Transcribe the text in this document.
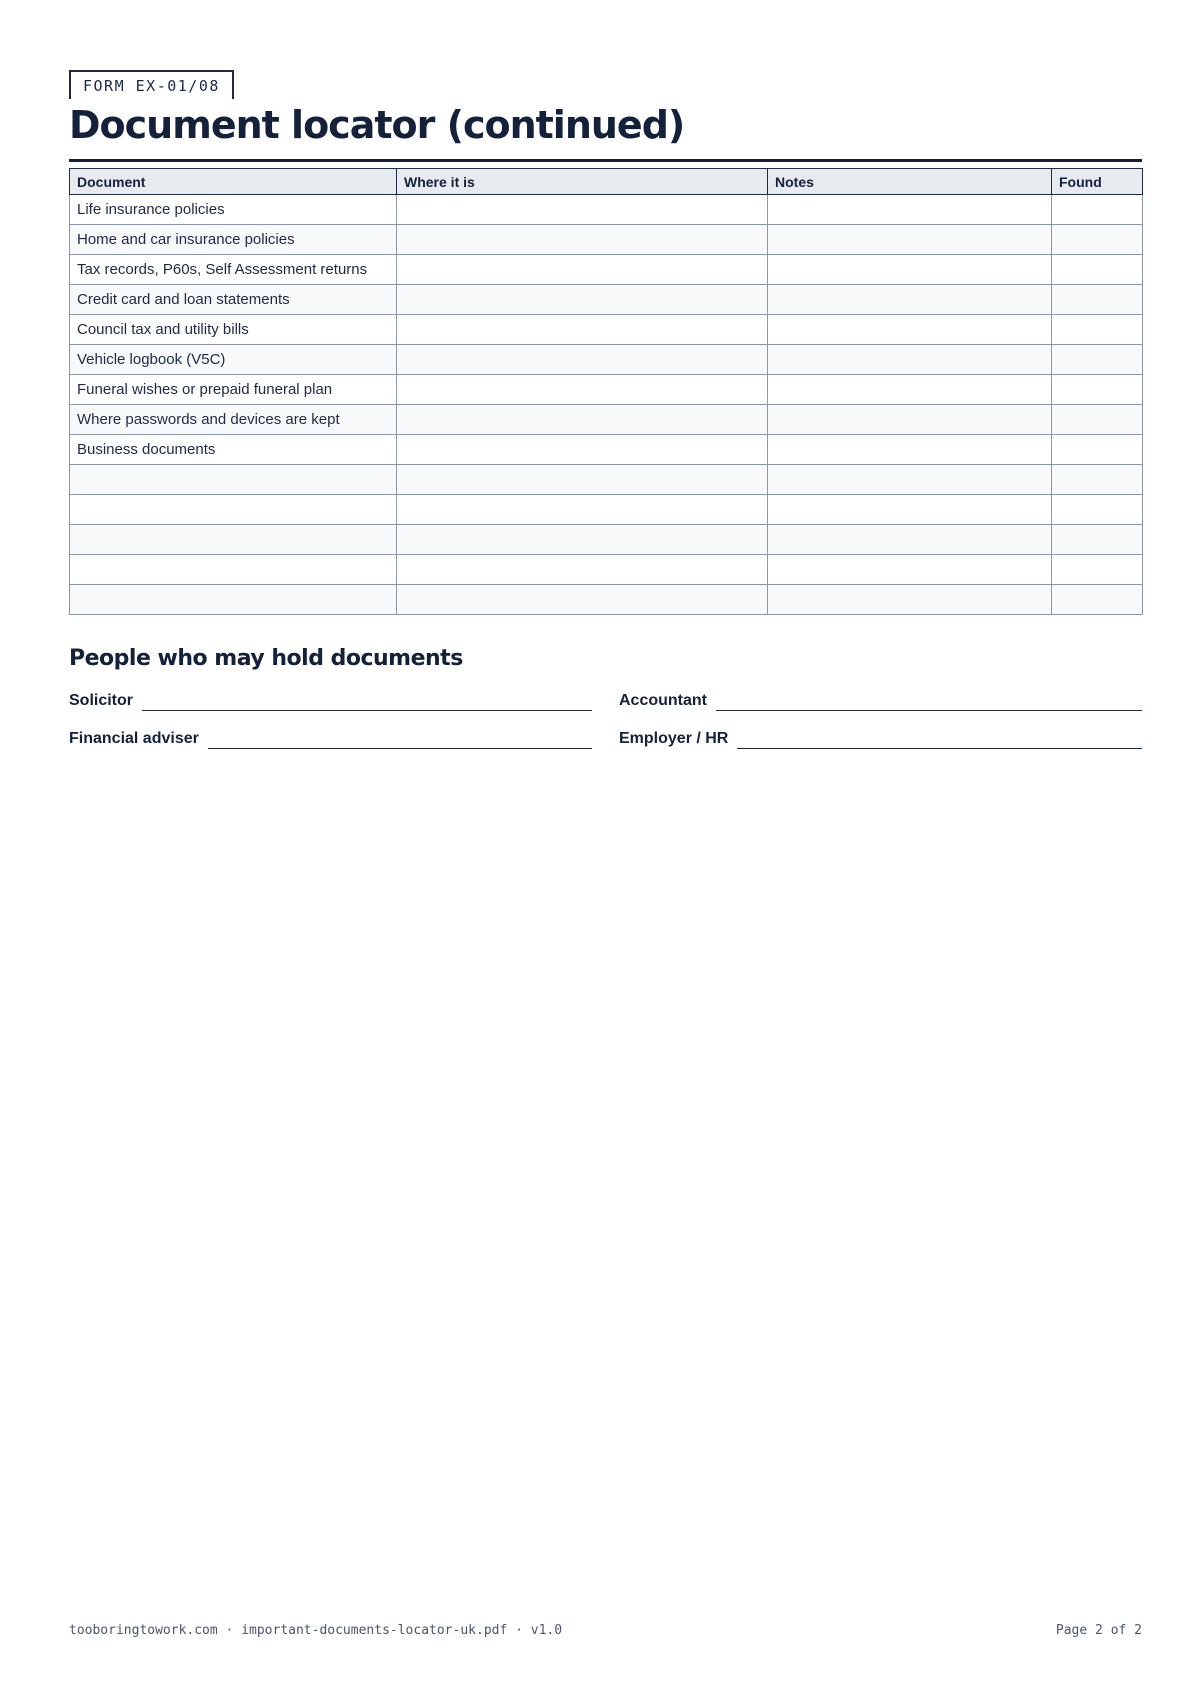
FORM EX-01/08
Document locator (continued)
Document	Where it is	Notes	Found
Life insurance policies			
Home and car insurance policies			
Tax records, P60s, Self Assessment returns			
Credit card and loan statements			
Council tax and utility bills			
Vehicle logbook (V5C)			
Funeral wishes or prepaid funeral plan			
Where passwords and devices are kept			
Business documents			

People who may hold documents
Solicitor	Accountant
Financial adviser	Employer / HR
tooboringtowork.com · important-documents-locator-uk.pdf · v1.0	Page 2 of 2
